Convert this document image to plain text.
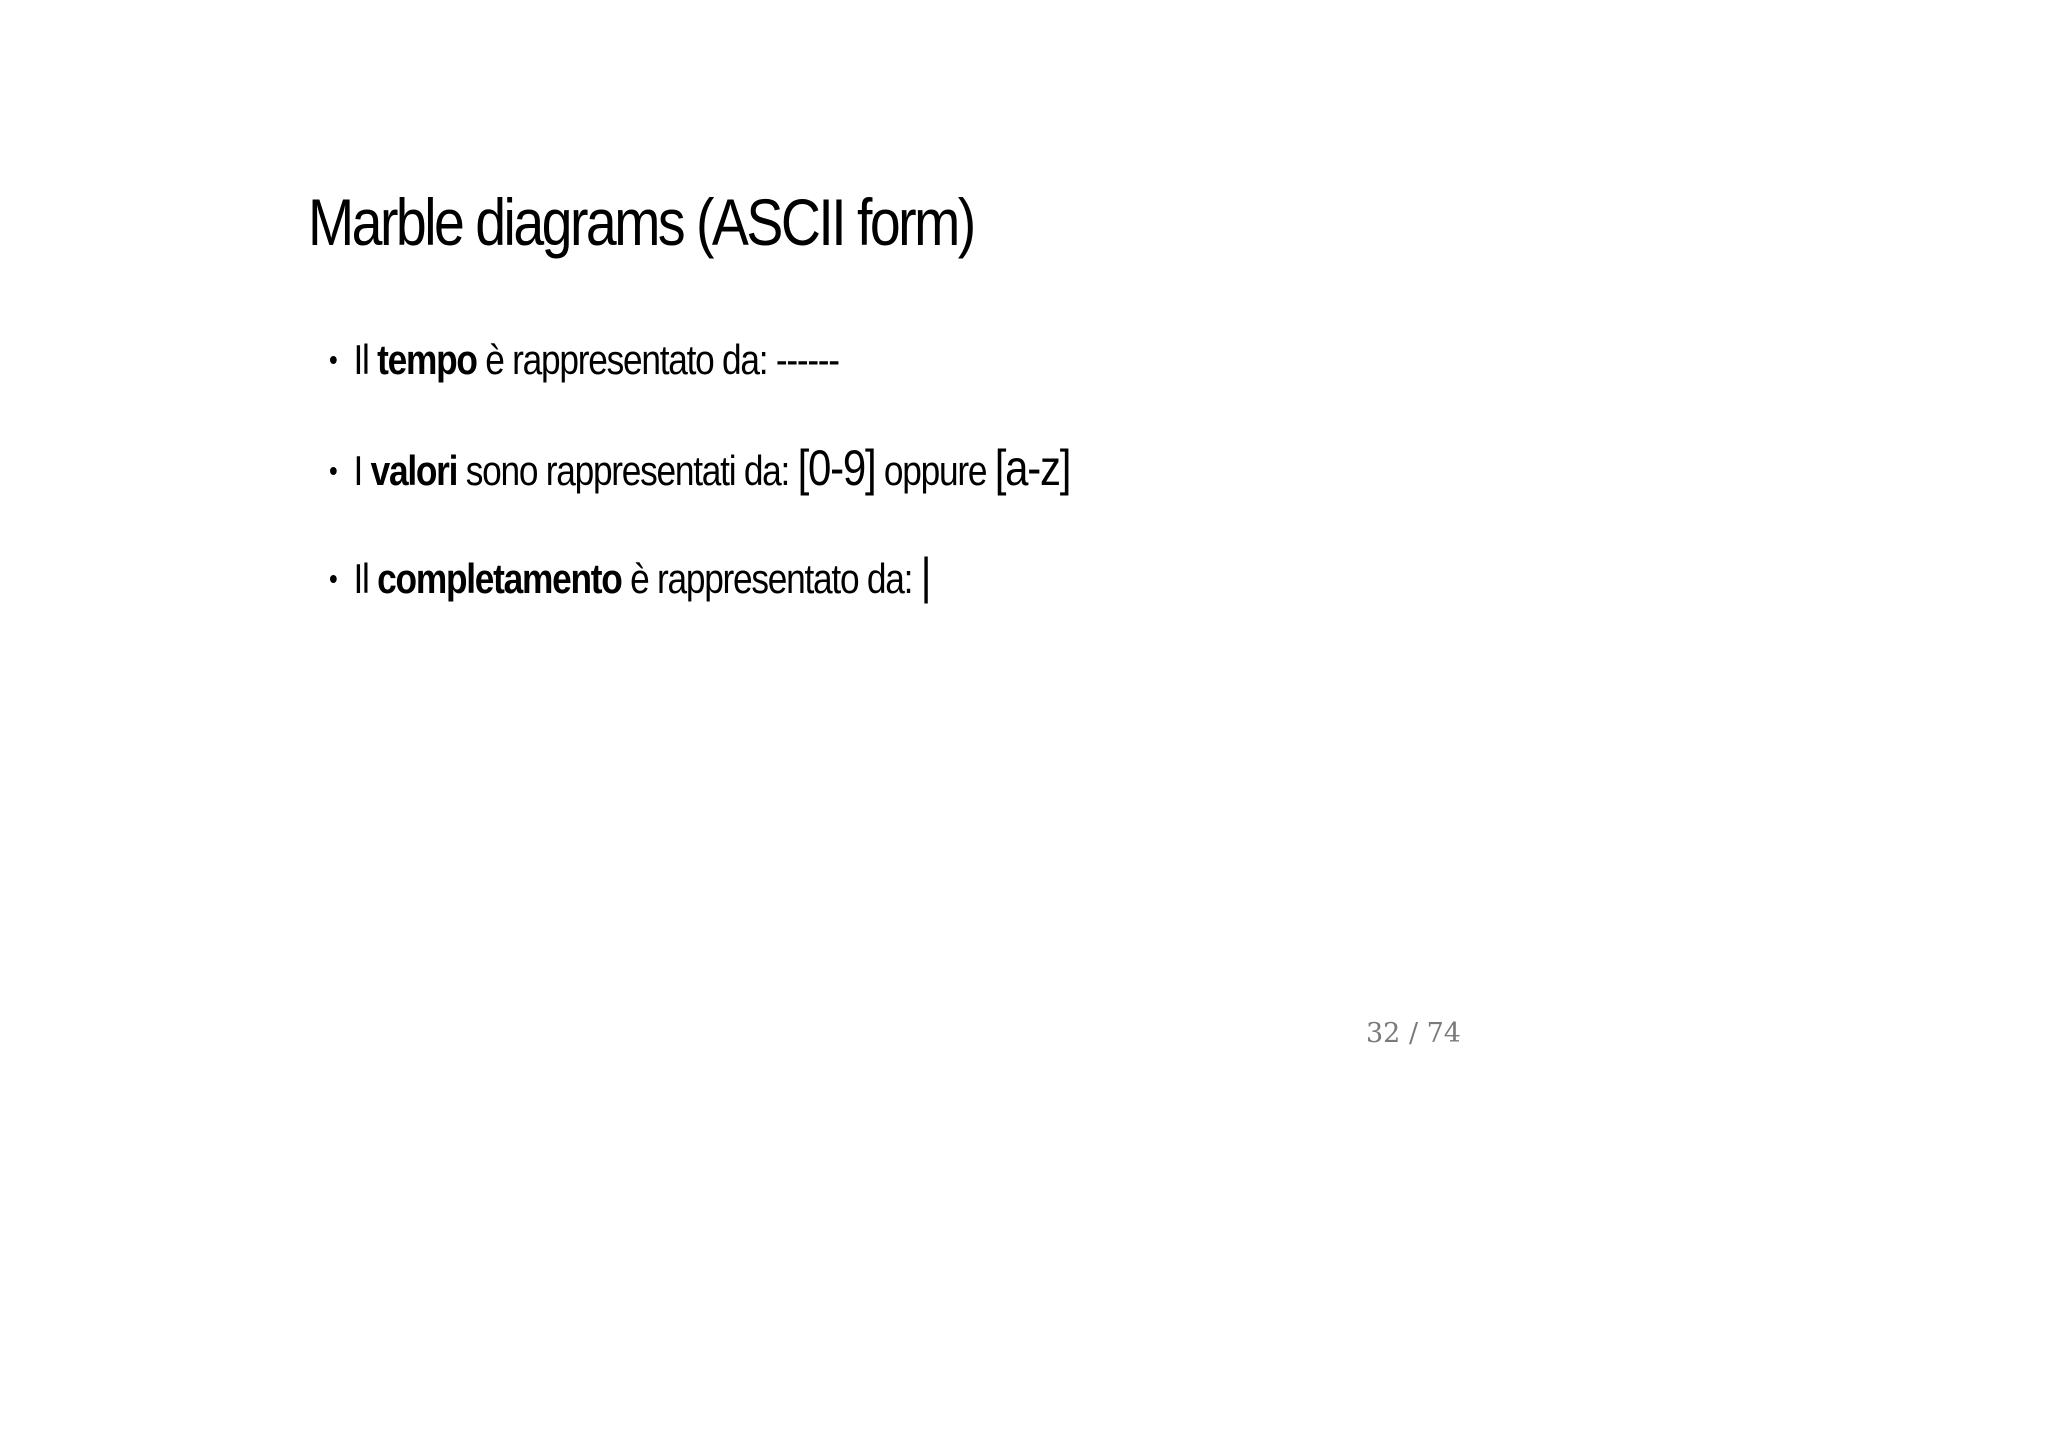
Marble diagrams (ASCII form)
Il tempo è rappresentato da: ------
I valori sono rappresentati da: [0-9] oppure [a-z]
Il completamento è rappresentato da: |
32 / 74
